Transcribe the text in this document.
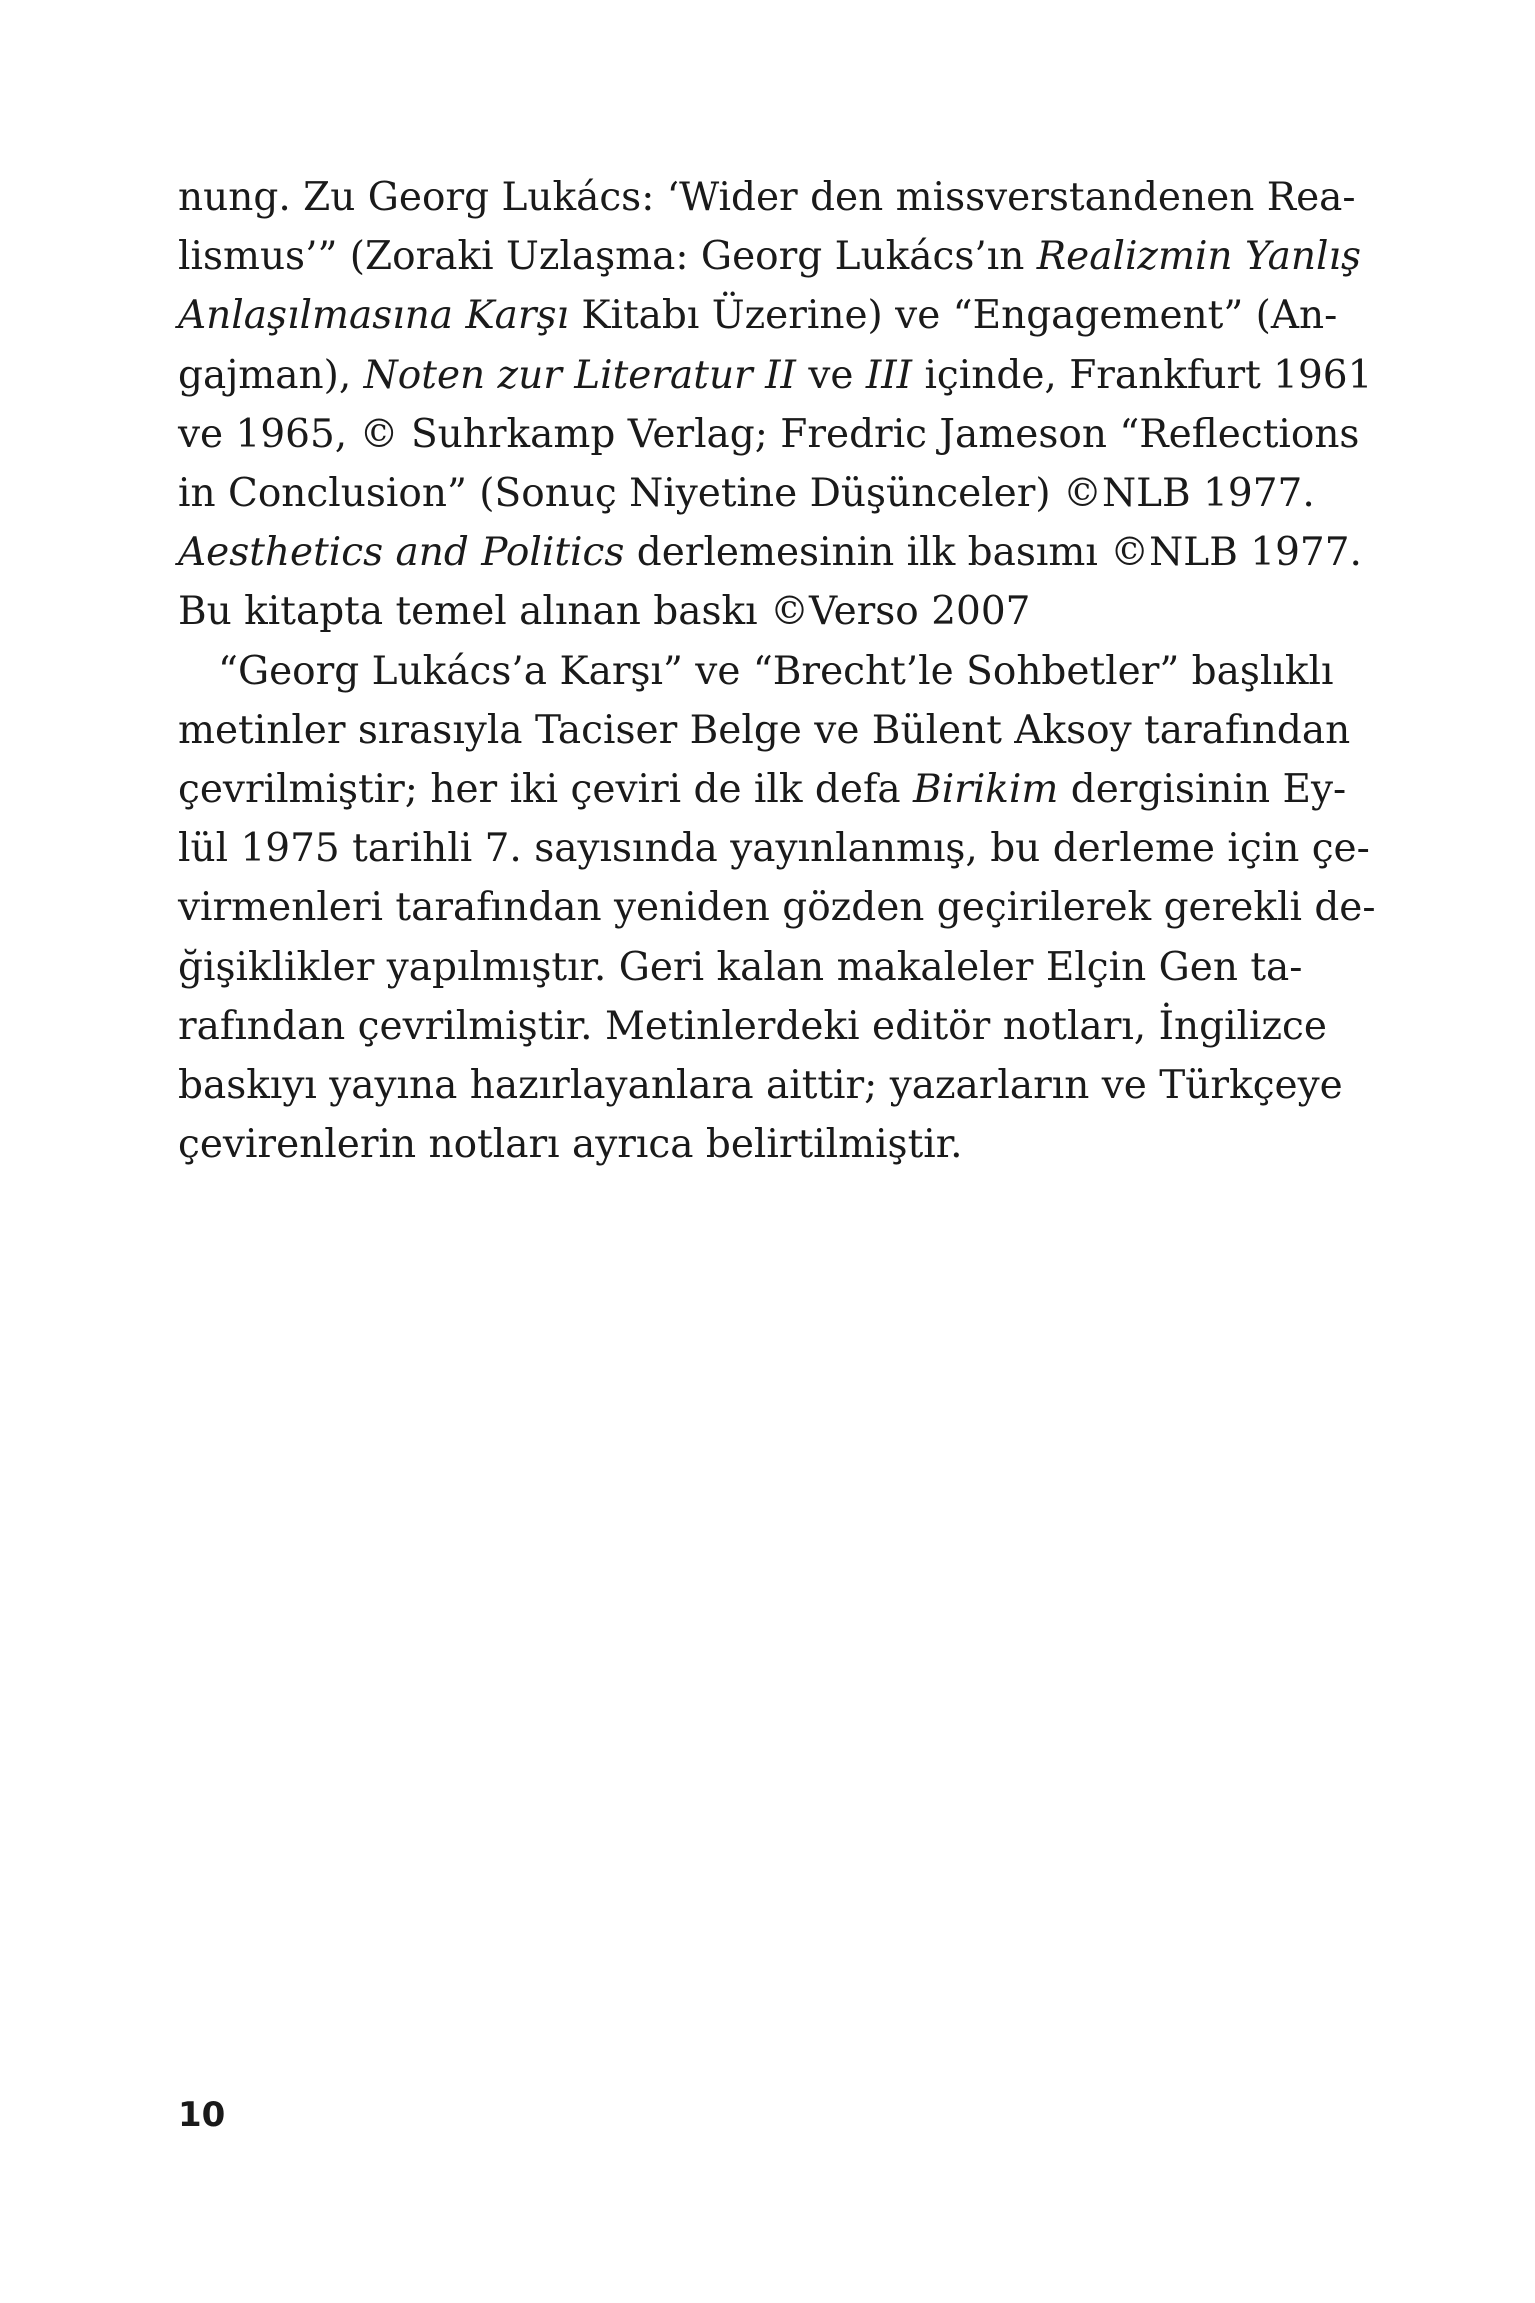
nung. Zu Georg Lukács: ‘Wider den missverstandenen Rea-
lismus’” (Zoraki Uzlaşma: Georg Lukács’ın Realizmin Yanlış
Anlaşılmasına Karşı Kitabı Üzerine) ve “Engagement” (An-
gajman), Noten zur Literatur II ve III içinde, Frankfurt 1961
ve 1965, © Suhrkamp Verlag; Fredric Jameson “Reflections
in Conclusion” (Sonuç Niyetine Düşünceler) ©NLB 1977.
Aesthetics and Politics derlemesinin ilk basımı ©NLB 1977.
Bu kitapta temel alınan baskı ©Verso 2007
“Georg Lukács’a Karşı” ve “Brecht’le Sohbetler” başlıklı
metinler sırasıyla Taciser Belge ve Bülent Aksoy tarafından
çevrilmiştir; her iki çeviri de ilk defa Birikim dergisinin Ey-
lül 1975 tarihli 7. sayısında yayınlanmış, bu derleme için çe-
virmenleri tarafından yeniden gözden geçirilerek gerekli de-
ğişiklikler yapılmıştır. Geri kalan makaleler Elçin Gen ta-
rafından çevrilmiştir. Metinlerdeki editör notları, İngilizce
baskıyı yayına hazırlayanlara aittir; yazarların ve Türkçeye
çevirenlerin notları ayrıca belirtilmiştir.
10
